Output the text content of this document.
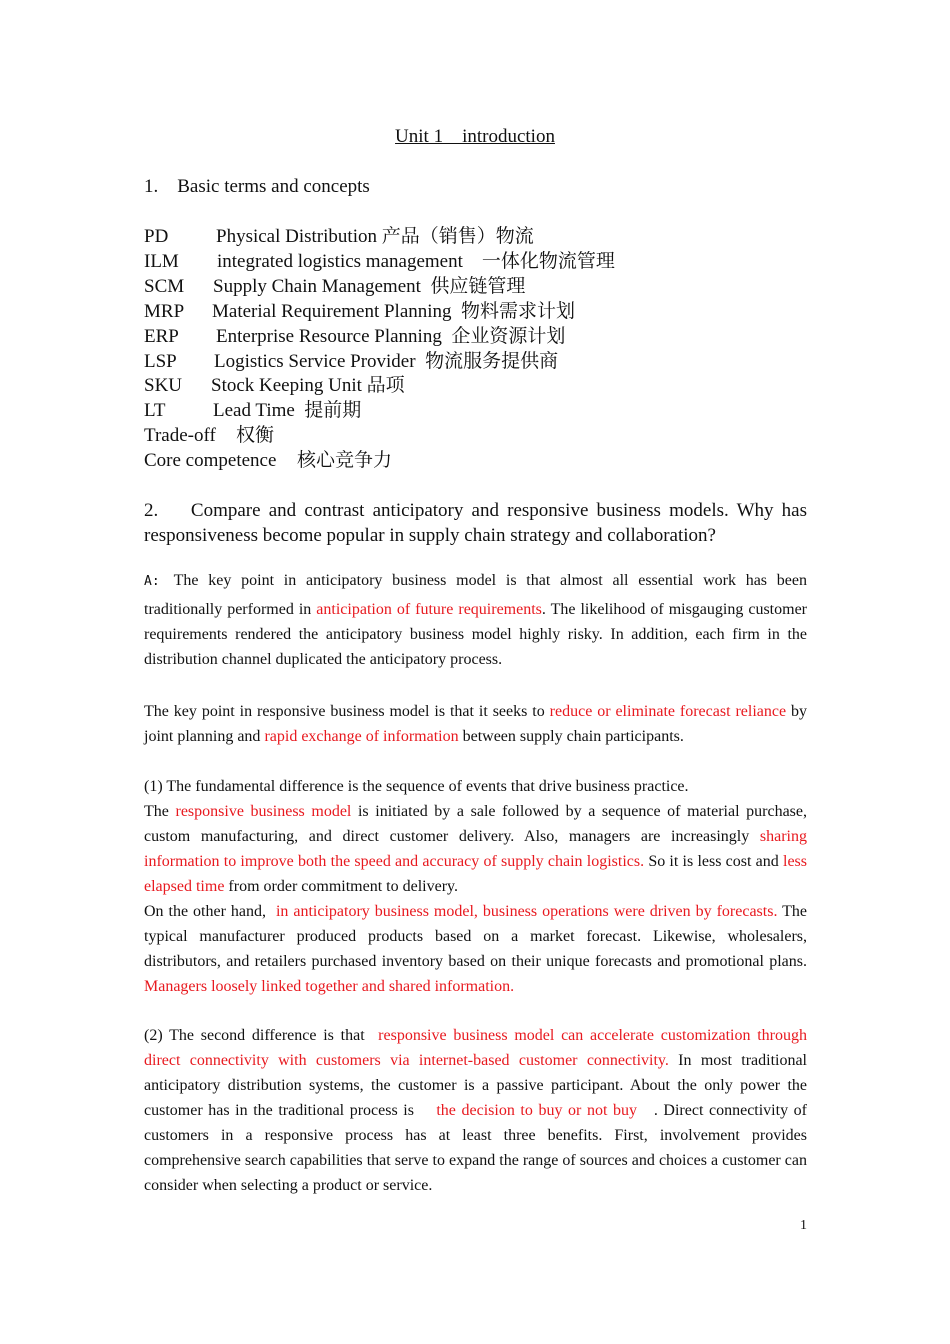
Unit 1    introduction
1.    Basic terms and concepts
PD	Physical Distribution 产品（销售）物流
ILM	integrated logistics management    一体化物流管理
SCM	Supply Chain Management  供应链管理
MRP	Material Requirement Planning  物料需求计划
ERP	Enterprise Resource Planning  企业资源计划
LSP	Logistics Service Provider  物流服务提供商
SKU	Stock Keeping Unit 品项
LT	Lead Time  提前期
Trade-off	权衡
Core competence	核心竞争力
2.    Compare and contrast anticipatory and responsive business models. Why has responsiveness become popular in supply chain strategy and collaboration?

A: The key point in anticipatory business model is that almost all essential work has been

traditionally performed in anticipation of future requirements. The likelihood of misgauging customer requirements rendered the anticipatory business model highly risky. In addition, each firm in the distribution channel duplicated the anticipatory process.

The key point in responsive business model is that it seeks to reduce or eliminate forecast reliance by joint planning and rapid exchange of information between supply chain participants.

(1) The fundamental difference is the sequence of events that drive business practice.

The responsive business model is initiated by a sale followed by a sequence of material purchase, custom manufacturing, and direct customer delivery. Also, managers are increasingly sharing information to improve both the speed and accuracy of supply chain logistics. So it is less cost and less elapsed time from order commitment to delivery.

On the other hand,  in anticipatory business model, business operations were driven by forecasts. The typical manufacturer produced products based on a market forecast. Likewise, wholesalers, distributors, and retailers purchased inventory based on their unique forecasts and promotional plans. Managers loosely linked together and shared information.

(2) The second difference is that  responsive business model can accelerate customization through direct connectivity with customers via internet-based customer connectivity. In most traditional anticipatory distribution systems, the customer is a passive participant. About the only power the customer has in the traditional process is    the decision to buy or not buy   . Direct connectivity of customers in a responsive process has at least three benefits. First, involvement provides comprehensive search capabilities that serve to expand the range of sources and choices a customer can consider when selecting a product or service.
1
